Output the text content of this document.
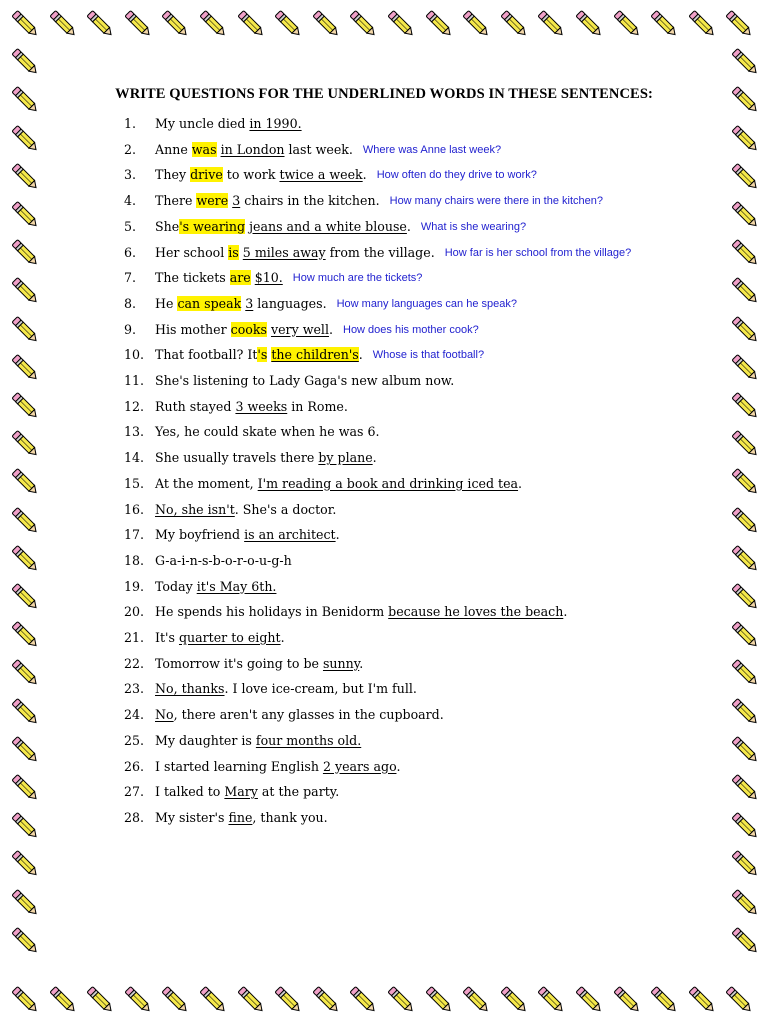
WRITE QUESTIONS FOR THE UNDERLINED WORDS IN THESE SENTENCES:
1. My uncle died in 1990.
2. Anne was in London last week. Where was Anne last week?
3. They drive to work twice a week. How often do they drive to work?
4. There were 3 chairs in the kitchen. How many chairs were there in the kitchen?
5. She's wearing jeans and a white blouse. What is she wearing?
6. Her school is 5 miles away from the village. How far is her school from the village?
7. The tickets are $10. How much are the tickets?
8. He can speak 3 languages. How many languages can he speak?
9. His mother cooks very well. How does his mother cook?
10. That football? It's the children's. Whose is that football?
11. She's listening to Lady Gaga's new album now.
12. Ruth stayed 3 weeks in Rome.
13. Yes, he could skate when he was 6.
14. She usually travels there by plane.
15. At the moment, I'm reading a book and drinking iced tea.
16. No, she isn't. She's a doctor.
17. My boyfriend is an architect.
18. G-a-i-n-s-b-o-r-o-u-g-h
19. Today it's May 6th.
20. He spends his holidays in Benidorm because he loves the beach.
21. It's quarter to eight.
22. Tomorrow it's going to be sunny.
23. No, thanks. I love ice-cream, but I'm full.
24. No, there aren't any glasses in the cupboard.
25. My daughter is four months old.
26. I started learning English 2 years ago.
27. I talked to Mary at the party.
28. My sister's fine, thank you.
